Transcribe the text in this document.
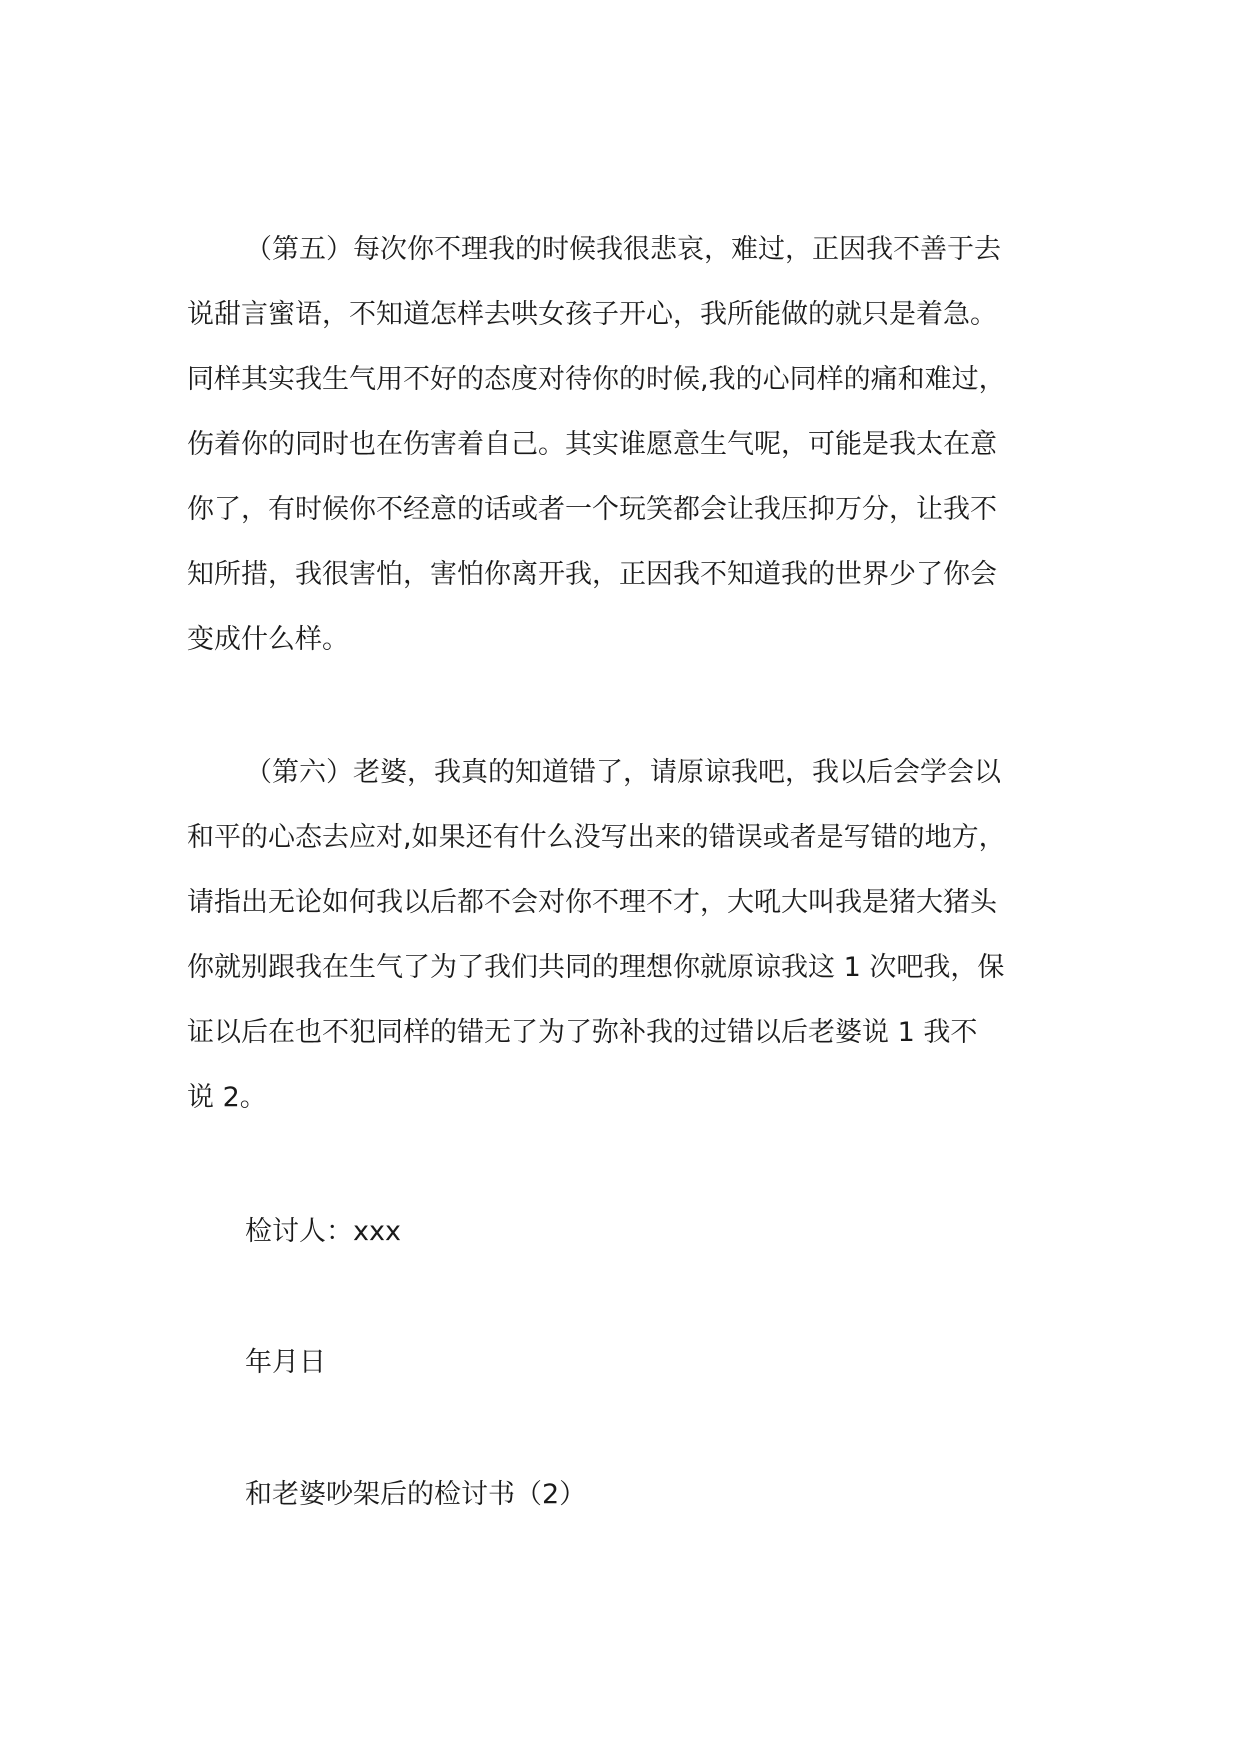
（第五）每次你不理我的时候我很悲哀，难过，正因我不善于去
说甜言蜜语，不知道怎样去哄女孩子开心，我所能做的就只是着急。
同样其实我生气用不好的态度对待你的时候,我的心同样的痛和难过，
伤着你的同时也在伤害着自己。其实谁愿意生气呢，可能是我太在意
你了，有时候你不经意的话或者一个玩笑都会让我压抑万分，让我不
知所措，我很害怕，害怕你离开我，正因我不知道我的世界少了你会
变成什么样。
（第六）老婆，我真的知道错了，请原谅我吧，我以后会学会以
和平的心态去应对,如果还有什么没写出来的错误或者是写错的地方，
请指出无论如何我以后都不会对你不理不才，大吼大叫我是猪大猪头
你就别跟我在生气了为了我们共同的理想你就原谅我这 1 次吧我，保
证以后在也不犯同样的错无了为了弥补我的过错以后老婆说 1 我不
说 2。

检讨人：xxx

年月日

和老婆吵架后的检讨书（2）
